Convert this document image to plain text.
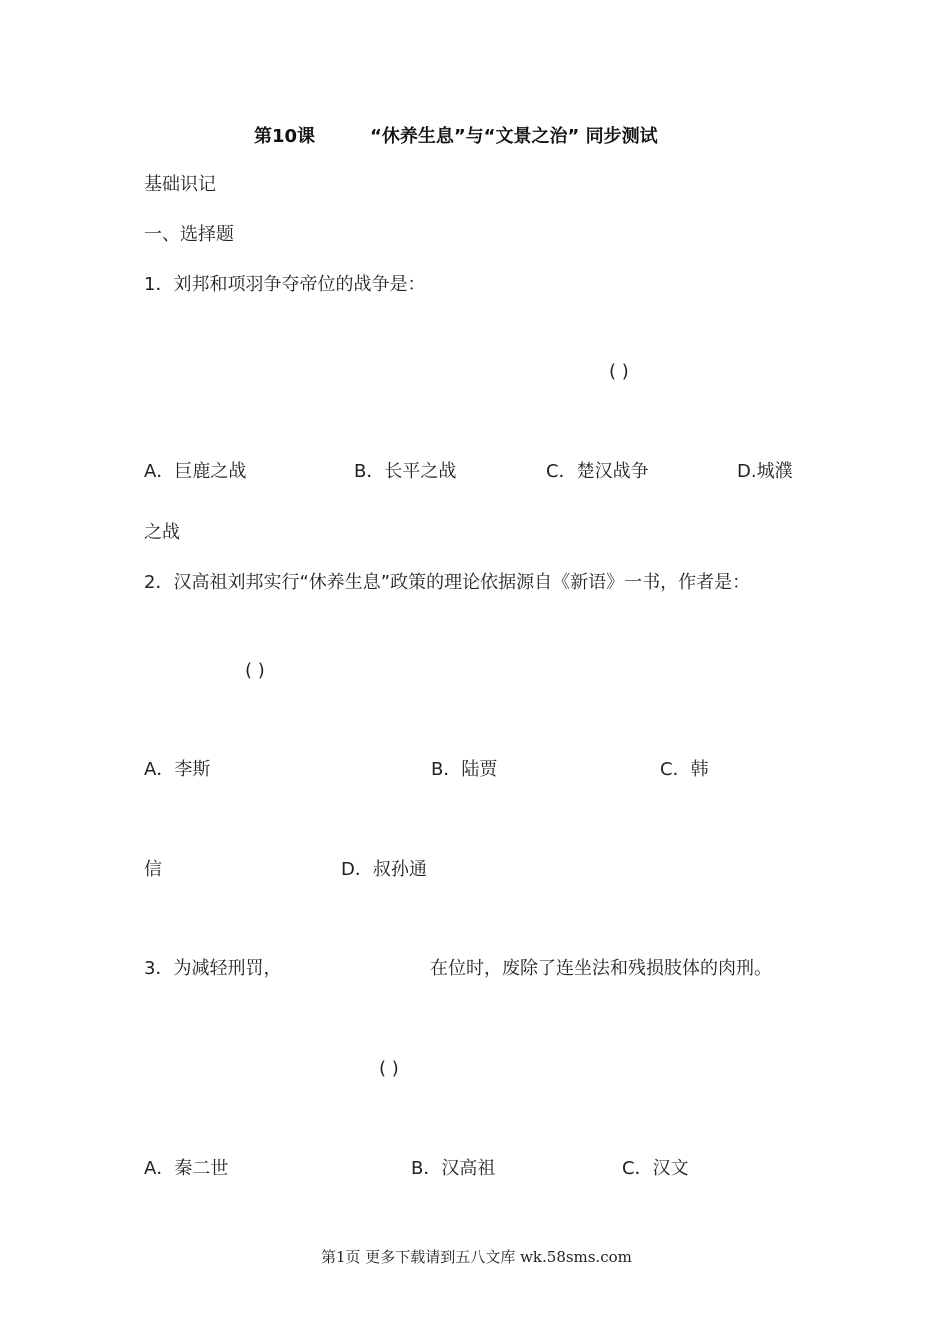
第10课	“休养生息”与“文景之治” 同步测试
基础识记
一、选择题
1．刘邦和项羽争夺帝位的战争是：
( )
A．巨鹿之战	B．长平之战	C．楚汉战争	D.城濮
之战
2．汉高祖刘邦实行“休养生息”政策的理论依据源自《新语》一书，作者是：
( )
A．李斯	B．陆贾	C．韩
信	D．叔孙通
3．为减轻刑罚，	在位时，废除了连坐法和残损肢体的肉刑。
( )
A．秦二世	B．汉高祖	C．汉文
第1页 更多下载请到五八文库 wk.58sms.com
